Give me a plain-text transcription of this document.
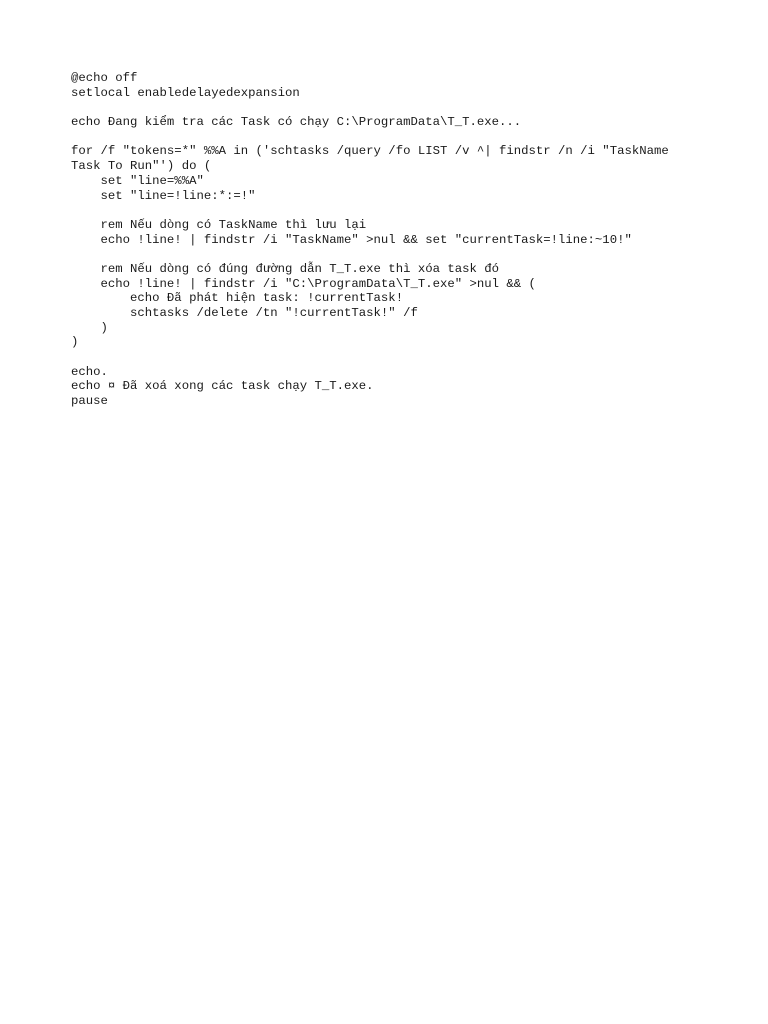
@echo off
setlocal enabledelayedexpansion
echo Đang kiểm tra các Task có chạy C:\ProgramData\T_T.exe...
for /f "tokens=*" %%A in ('schtasks /query /fo LIST /v ^| findstr /n /i "TaskName
Task To Run"') do (
set "line=%%A"
set "line=!line:*:=!"
rem Nếu dòng có TaskName thì lưu lại
echo !line! | findstr /i "TaskName" >nul && set "currentTask=!line:~10!"
rem Nếu dòng có đúng đường dẫn T_T.exe thì xóa task đó
echo !line! | findstr /i "C:\ProgramData\T_T.exe" >nul && (
echo Đã phát hiện task: !currentTask!
schtasks /delete /tn "!currentTask!" /f
)
)
echo.
echo ¤ Đã xoá xong các task chạy T_T.exe.
pause
